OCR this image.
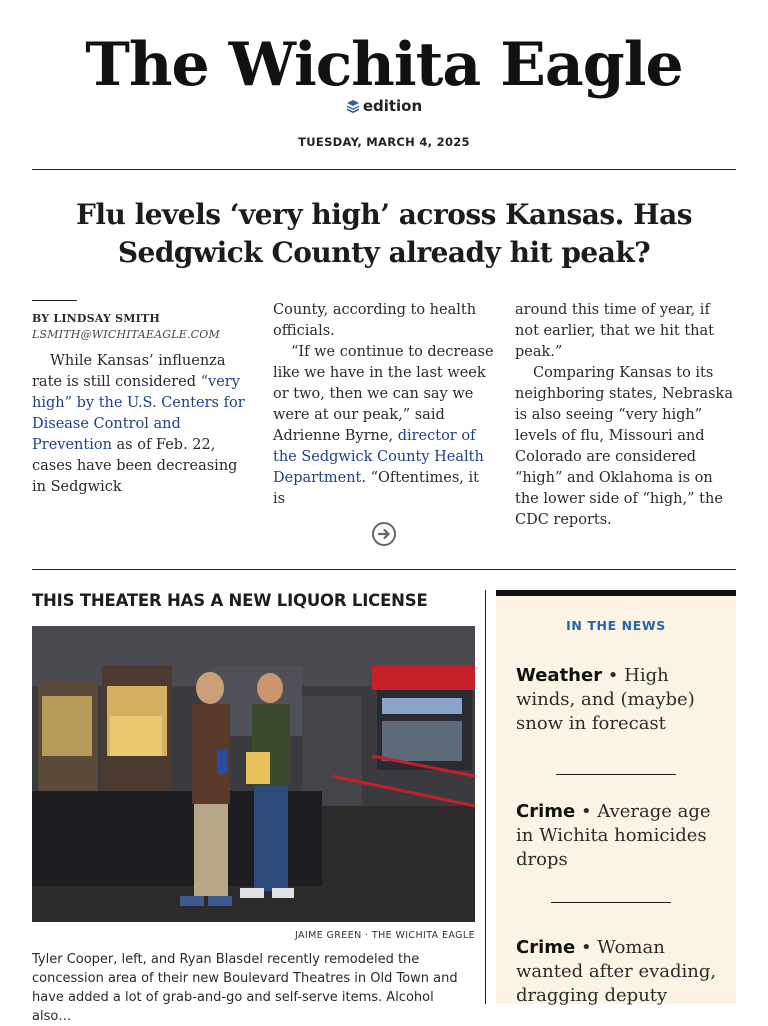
The Wichita Eagle
edition
TUESDAY, MARCH 4, 2025
Flu levels ‘very high’ across Kansas. Has Sedgwick County already hit peak?
BY LINDSAY SMITH
LSMITH@WICHITAEAGLE.COM
While Kansas’ influenza rate is still considered “very high” by the U.S. Centers for Disease Control and Prevention as of Feb. 22, cases have been decreasing in Sedgwick
County, according to health officials.
“If we continue to decrease like we have in the last week or two, then we can say we were at our peak,” said Adrienne Byrne, director of the Sedgwick County Health Department. “Oftentimes, it is
around this time of year, if not earlier, that we hit that peak.”
Comparing Kansas to its neighboring states, Nebraska is also seeing “very high” levels of flu, Missouri and Colorado are considered “high” and Oklahoma is on the lower side of “high,” the CDC reports.
THIS THEATER HAS A NEW LIQUOR LICENSE
JAIME GREEN · THE WICHITA EAGLE

Tyler Cooper, left, and Ryan Blasdel recently remodeled the concession area of their new Boulevard Theatres in Old Town and have added a lot of grab-and-go and self-serve items. Alcohol also…

IN THE NEWS
Weather • High winds, and (maybe) snow in forecast
Crime • Average age in Wichita homicides drops
Crime • Woman wanted after evading, dragging deputy
